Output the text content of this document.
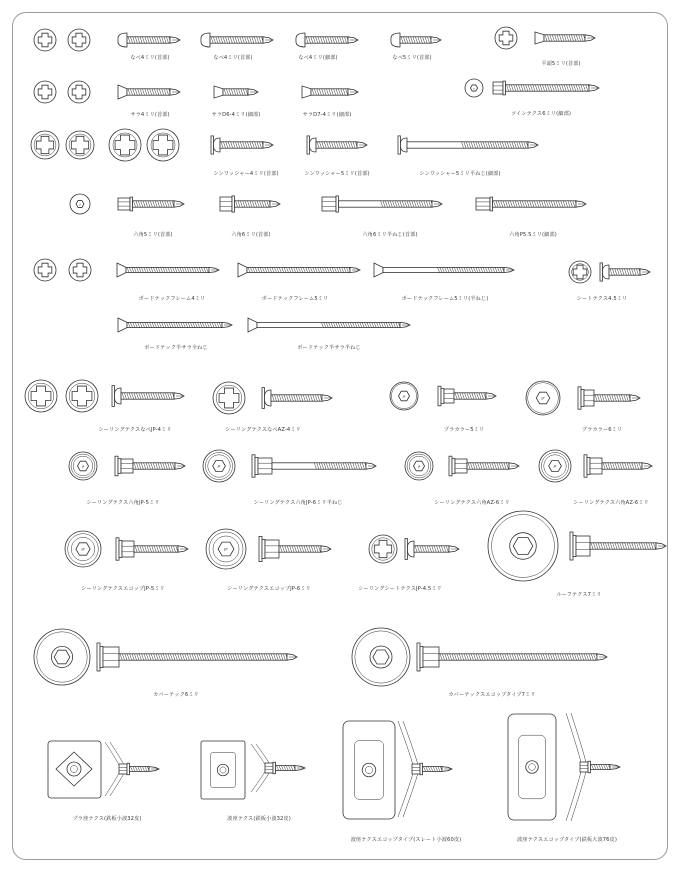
JP
JP
JP	JP
JP	JP	JP	JP
JP	JP
なべ4ミリ(首部)	なべ4ミリ(首部)	なべ4ミリ(細部)	なべ5ミリ(首部)
平頭5ミリ(首部)
サラ4ミリ(首部)	サラD6-4ミリ(細部)	サラD7-4ミリ(細部)	ツインテクス6ミリ(細部)
シンワッシャー4ミリ(首部)	シンワッシャー5ミリ(首部)	シンワッシャー5ミリ平ねじ(細部)
六角5ミリ(首部)	六角6ミリ(首部)	六角6ミリ半ねじ(首部)	六角P5.5ミリ(細部)
ボードテックフレーム4ミリ	ボードテックフレーム5ミリ	ボードテックフレーム5ミリ(半ねじ)	シートテクス4.5ミリ
ボードテック半サラ全ねじ	ボードテック半サラ半ねじ
シーリングテクスなべJP-4ミリ	シーリングテクスなべAZ-4ミリ	プラカラー5ミリ	プラカラー6ミリ
シーリングテクス六角JP-5ミリ	シーリングテクス六角JP-6ミリ半ねじ	シーリングテクス六角AZ-6ミリ	シーリングテクス六角AZ-6ミリ
シーリングテクスエコップJP-5ミリ	シーリングテクスエコップJP-6ミリ	シーリングシートテクスJP-4.5ミリ
ルーフテクス7ミリ
カバーテック6ミリ	カバーテックスエコップタイプ7ミリ
プラ座テクス(鉄板小波32皮)	波座テクス(鉄板小波32皮)
波座テクスエコップタイプ(スレート小波60皮)	波座テクスエコップタイプ(鉄板大波76皮)
